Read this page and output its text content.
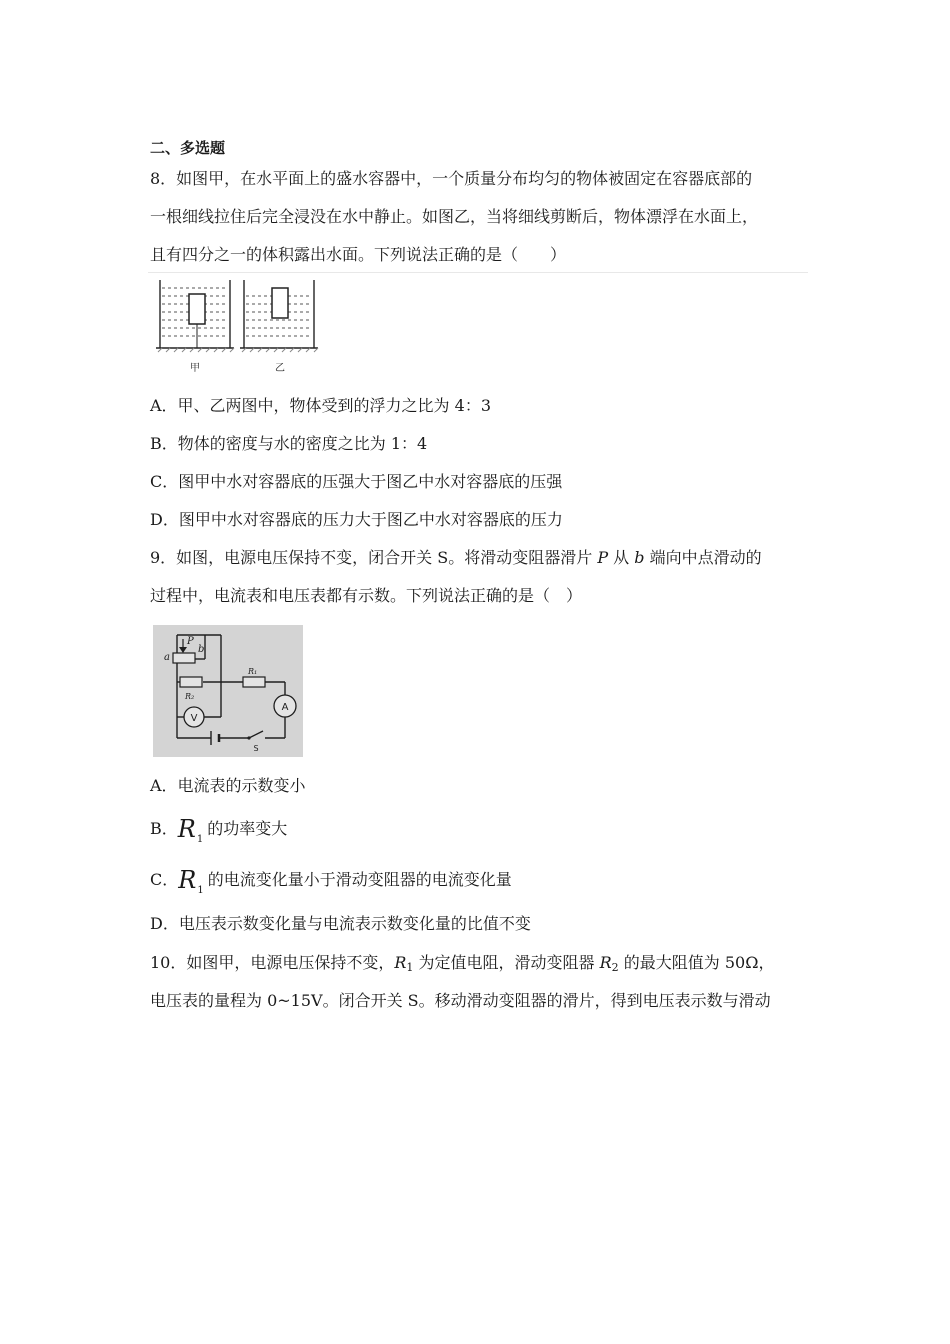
二、多选题
8．如图甲，在水平面上的盛水容器中，一个质量分布均匀的物体被固定在容器底部的
一根细线拉住后完全浸没在水中静止。如图乙，当将细线剪断后，物体漂浮在水面上，
且有四分之一的体积露出水面。下列说法正确的是（　　）
甲	乙
A．甲、乙两图中，物体受到的浮力之比为 4：3
B．物体的密度与水的密度之比为 1：4
C．图甲中水对容器底的压强大于图乙中水对容器底的压强
D．图甲中水对容器底的压力大于图乙中水对容器底的压力
9．如图，电源电压保持不变，闭合开关 S。将滑动变阻器滑片 P 从 b 端向中点滑动的
过程中，电流表和电压表都有示数。下列说法正确的是（　）
P
a
b
R₁
R₂
V
A
S
A．电流表的示数变小
B．$R_1$的功率变大
C．$R_1$的电流变化量小于滑动变阻器的电流变化量
D．电压表示数变化量与电流表示数变化量的比值不变
10．如图甲，电源电压保持不变，$R_1$ 为定值电阻，滑动变阻器 $R_2$ 的最大阻值为 50Ω，
电压表的量程为 0~15V。闭合开关 S。移动滑动变阻器的滑片，得到电压表示数与滑动
